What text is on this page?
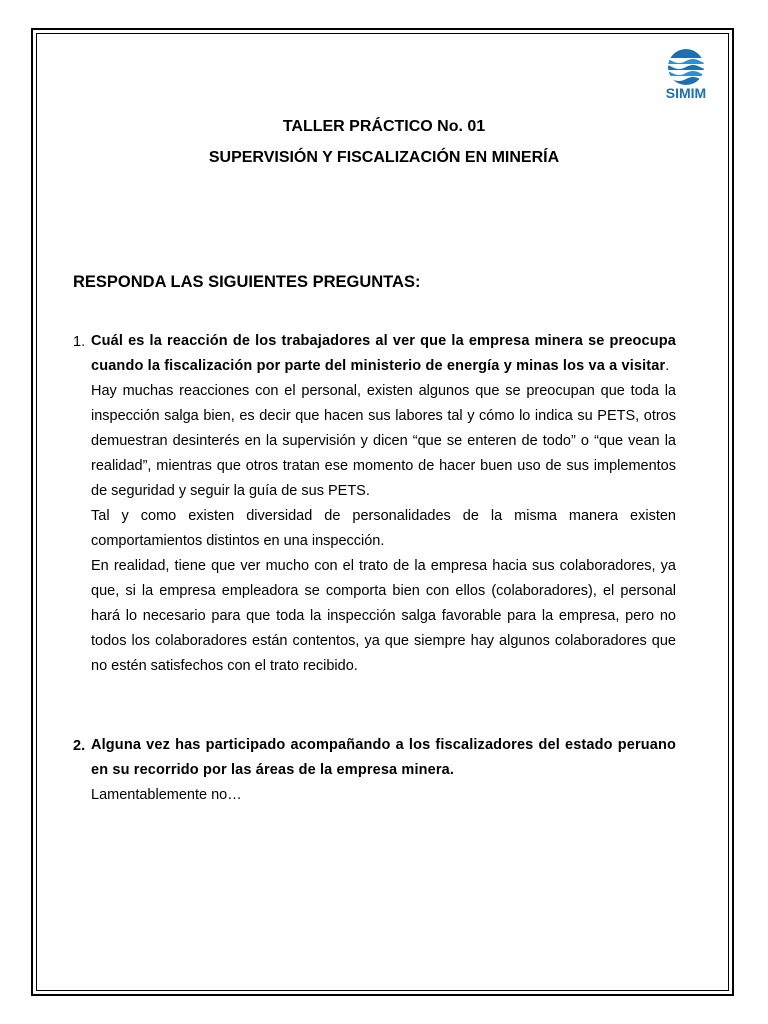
SIMIM
TALLER PRÁCTICO No. 01
SUPERVISIÓN Y FISCALIZACIÓN EN MINERÍA
RESPONDA LAS SIGUIENTES PREGUNTAS:
1. Cuál es la reacción de los trabajadores al ver que la empresa minera se preocupa cuando la fiscalización por parte del ministerio de energía y minas los va a visitar.

Hay muchas reacciones con el personal, existen algunos que se preocupan que toda la inspección salga bien, es decir que hacen sus labores tal y cómo lo indica su PETS, otros demuestran desinterés en la supervisión y dicen “que se enteren de todo” o “que vean la realidad”, mientras que otros tratan ese momento de hacer buen uso de sus implementos de seguridad y seguir la guía de sus PETS.

Tal y como existen diversidad de personalidades de la misma manera existen comportamientos distintos en una inspección.

En realidad, tiene que ver mucho con el trato de la empresa hacia sus colaboradores, ya que, si la empresa empleadora se comporta bien con ellos (colaboradores), el personal hará lo necesario para que toda la inspección salga favorable para la empresa, pero no todos los colaboradores están contentos, ya que siempre hay algunos colaboradores que no estén satisfechos con el trato recibido.

2. Alguna vez has participado acompañando a los fiscalizadores del estado peruano en su recorrido por las áreas de la empresa minera.

Lamentablemente no…
